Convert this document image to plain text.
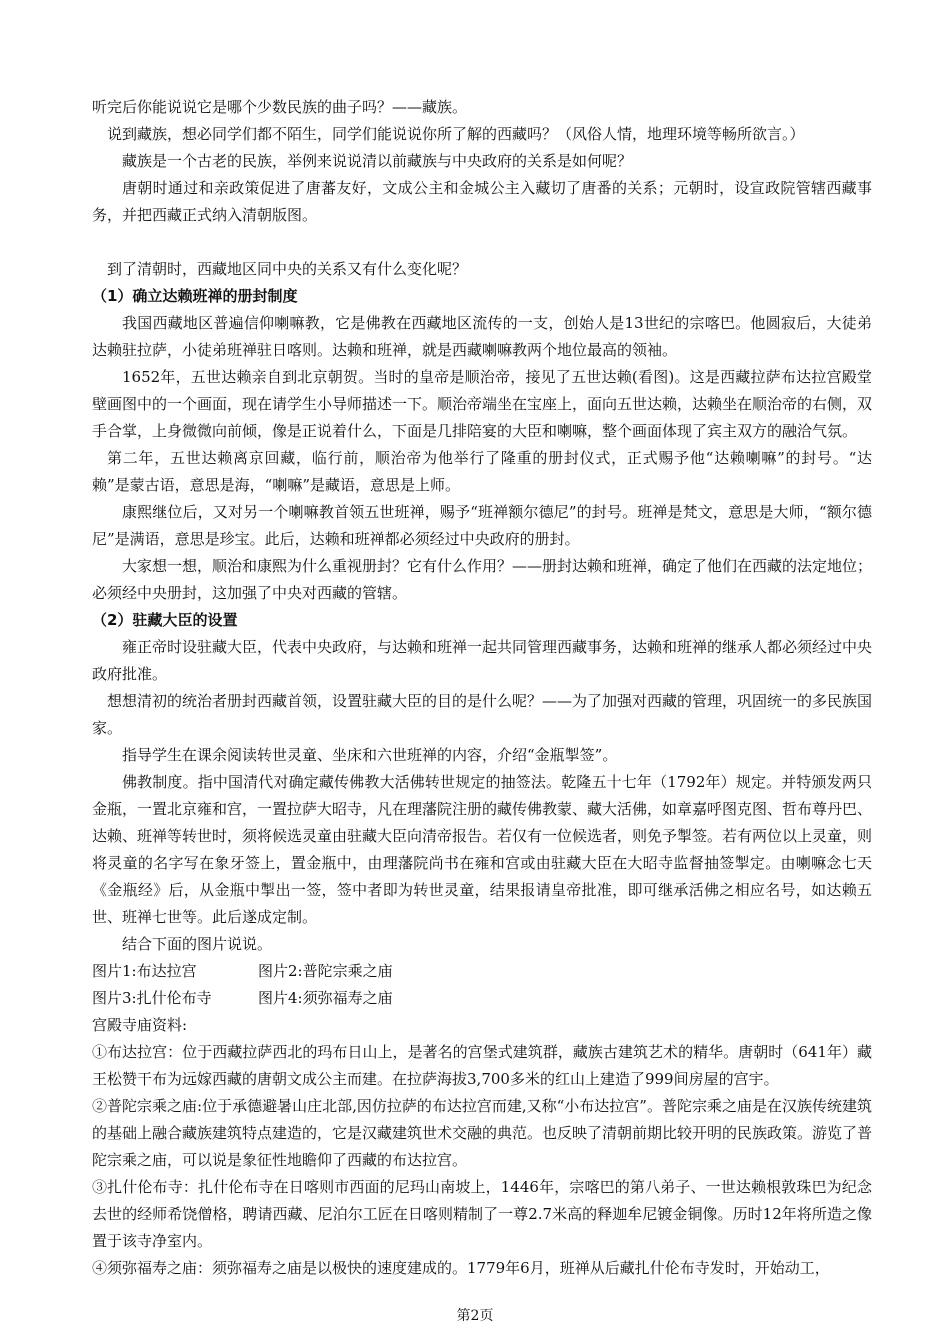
听完后你能说说它是哪个少数民族的曲子吗？——藏族。

说到藏族，想必同学们都不陌生，同学们能说说你所了解的西藏吗？（风俗人情，地理环境等畅所欲言。）

藏族是一个古老的民族，举例来说说清以前藏族与中央政府的关系是如何呢？

唐朝时通过和亲政策促进了唐蕃友好，文成公主和金城公主入藏切了唐番的关系；元朝时，设宣政院管辖西藏事务，并把西藏正式纳入清朝版图。

到了清朝时，西藏地区同中央的关系又有什么变化呢？

（1）确立达赖班禅的册封制度

我国西藏地区普遍信仰喇嘛教，它是佛教在西藏地区流传的一支，创始人是13世纪的宗喀巴。他圆寂后，大徒弟达赖驻拉萨，小徒弟班禅驻日喀则。达赖和班禅，就是西藏喇嘛教两个地位最高的领袖。

1652年，五世达赖亲自到北京朝贺。当时的皇帝是顺治帝，接见了五世达赖(看图)。这是西藏拉萨布达拉宫殿堂壁画图中的一个画面，现在请学生小导师描述一下。顺治帝端坐在宝座上，面向五世达赖，达赖坐在顺治帝的右侧，双手合掌，上身微微向前倾，像是正说着什么，下面是几排陪宴的大臣和喇嘛，整个画面体现了宾主双方的融洽气氛。

第二年，五世达赖离京回藏，临行前，顺治帝为他举行了隆重的册封仪式，正式赐予他“达赖喇嘛”的封号。“达赖”是蒙古语，意思是海，“喇嘛”是藏语，意思是上师。

康熙继位后，又对另一个喇嘛教首领五世班禅，赐予“班禅额尔德尼”的封号。班禅是梵文，意思是大师，“额尔德尼”是满语，意思是珍宝。此后，达赖和班禅都必须经过中央政府的册封。

大家想一想，顺治和康熙为什么重视册封？它有什么作用？——册封达赖和班禅，确定了他们在西藏的法定地位；必须经中央册封，这加强了中央对西藏的管辖。

（2）驻藏大臣的设置

雍正帝时设驻藏大臣，代表中央政府，与达赖和班禅一起共同管理西藏事务，达赖和班禅的继承人都必须经过中央政府批准。

想想清初的统治者册封西藏首领，设置驻藏大臣的目的是什么呢？——为了加强对西藏的管理，巩固统一的多民族国家。

指导学生在课余阅读转世灵童、坐床和六世班禅的内容，介绍“金瓶掣签”。

佛教制度。指中国清代对确定藏传佛教大活佛转世规定的抽签法。乾隆五十七年（1792年）规定。并特颁发两只金瓶，一置北京雍和宫，一置拉萨大昭寺，凡在理藩院注册的藏传佛教蒙、藏大活佛，如章嘉呼图克图、哲布尊丹巴、达赖、班禅等转世时，须将候选灵童由驻藏大臣向清帝报告。若仅有一位候选者，则免予掣签。若有两位以上灵童，则将灵童的名字写在象牙签上，置金瓶中，由理藩院尚书在雍和宫或由驻藏大臣在大昭寺监督抽签掣定。由喇嘛念七天《金瓶经》后，从金瓶中掣出一签，签中者即为转世灵童，结果报请皇帝批准，即可继承活佛之相应名号，如达赖五世、班禅七世等。此后遂成定制。

结合下面的图片说说。

图片1:布达拉宫	图片2:普陀宗乘之庙
图片3:扎什伦布寺	图片4:须弥福寿之庙

宫殿寺庙资料:

①布达拉宫：位于西藏拉萨西北的玛布日山上，是著名的宫堡式建筑群，藏族古建筑艺术的精华。唐朝时（641年）藏王松赞干布为远嫁西藏的唐朝文成公主而建。在拉萨海拔3,700多米的红山上建造了999间房屋的宫宇。

②普陀宗乘之庙:位于承德避暑山庄北部,因仿拉萨的布达拉宫而建,又称“小布达拉宫”。普陀宗乘之庙是在汉族传统建筑的基础上融合藏族建筑特点建造的，它是汉藏建筑世术交融的典范。也反映了清朝前期比较开明的民族政策。游览了普陀宗乘之庙，可以说是象征性地瞻仰了西藏的布达拉宫。

③扎什伦布寺：扎什伦布寺在日喀则市西面的尼玛山南坡上，1446年，宗喀巴的第八弟子、一世达赖根敦珠巴为纪念去世的经师希饶僧格，聘请西藏、尼泊尔工匠在日喀则精制了一尊2.7米高的释迦牟尼镀金铜像。历时12年将所造之像置于该寺净室内。

④须弥福寿之庙：须弥福寿之庙是以极快的速度建成的。1779年6月，班禅从后藏扎什伦布寺发时，开始动工，

第2页
